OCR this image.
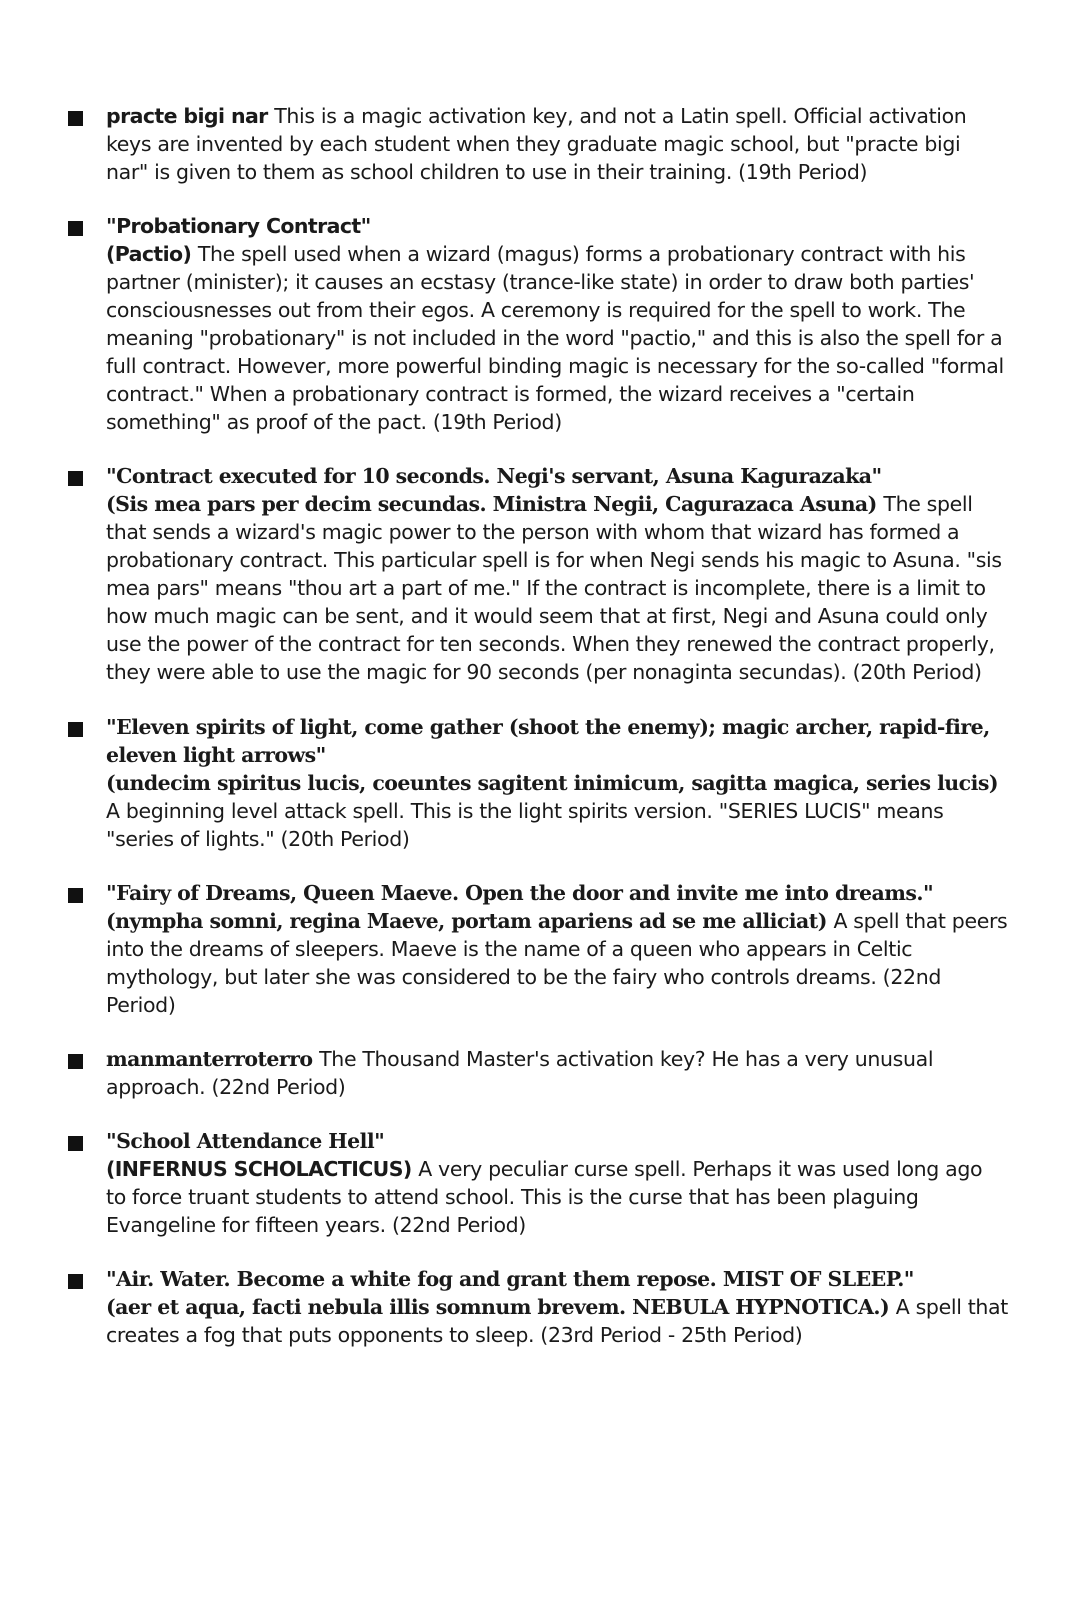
practe bigi nar This is a magic activation key, and not a Latin spell. Official activation keys are invented by each student when they graduate magic school, but "practe bigi nar" is given to them as school children to use in their training. (19th Period)
"Probationary Contract"
(Pactio) The spell used when a wizard (magus) forms a probationary contract with his partner (minister); it causes an ecstasy (trance-like state) in order to draw both parties' consciousnesses out from their egos. A ceremony is required for the spell to work. The meaning "probationary" is not included in the word "pactio," and this is also the spell for a full contract. However, more powerful binding magic is necessary for the so-called "formal contract." When a probationary contract is formed, the wizard receives a "certain something" as proof of the pact. (19th Period)
"Contract executed for 10 seconds. Negi's servant, Asuna Kagurazaka"
(Sis mea pars per decim secundas. Ministra Negii, Cagurazaca Asuna) The spell that sends a wizard's magic power to the person with whom that wizard has formed a probationary contract. This particular spell is for when Negi sends his magic to Asuna. "sis mea pars" means "thou art a part of me." If the contract is incomplete, there is a limit to how much magic can be sent, and it would seem that at first, Negi and Asuna could only use the power of the contract for ten seconds. When they renewed the contract properly, they were able to use the magic for 90 seconds (per nonaginta secundas). (20th Period)
"Eleven spirits of light, come gather (shoot the enemy); magic archer, rapid-fire, eleven light arrows"
(undecim spiritus lucis, coeuntes sagitent inimicum, sagitta magica, series lucis)
A beginning level attack spell. This is the light spirits version. "SERIES LUCIS" means "series of lights." (20th Period)
"Fairy of Dreams, Queen Maeve. Open the door and invite me into dreams."
(nympha somni, regina Maeve, portam apariens ad se me alliciat) A spell that peers into the dreams of sleepers. Maeve is the name of a queen who appears in Celtic mythology, but later she was considered to be the fairy who controls dreams. (22nd Period)
manmanterroterro The Thousand Master's activation key? He has a very unusual approach. (22nd Period)
"School Attendance Hell"
(INFERNUS SCHOLACTICUS) A very peculiar curse spell. Perhaps it was used long ago to force truant students to attend school. This is the curse that has been plaguing Evangeline for fifteen years. (22nd Period)
"Air. Water. Become a white fog and grant them repose. MIST OF SLEEP."
(aer et aqua, facti nebula illis somnum brevem. NEBULA HYPNOTICA.) A spell that creates a fog that puts opponents to sleep. (23rd Period - 25th Period)
